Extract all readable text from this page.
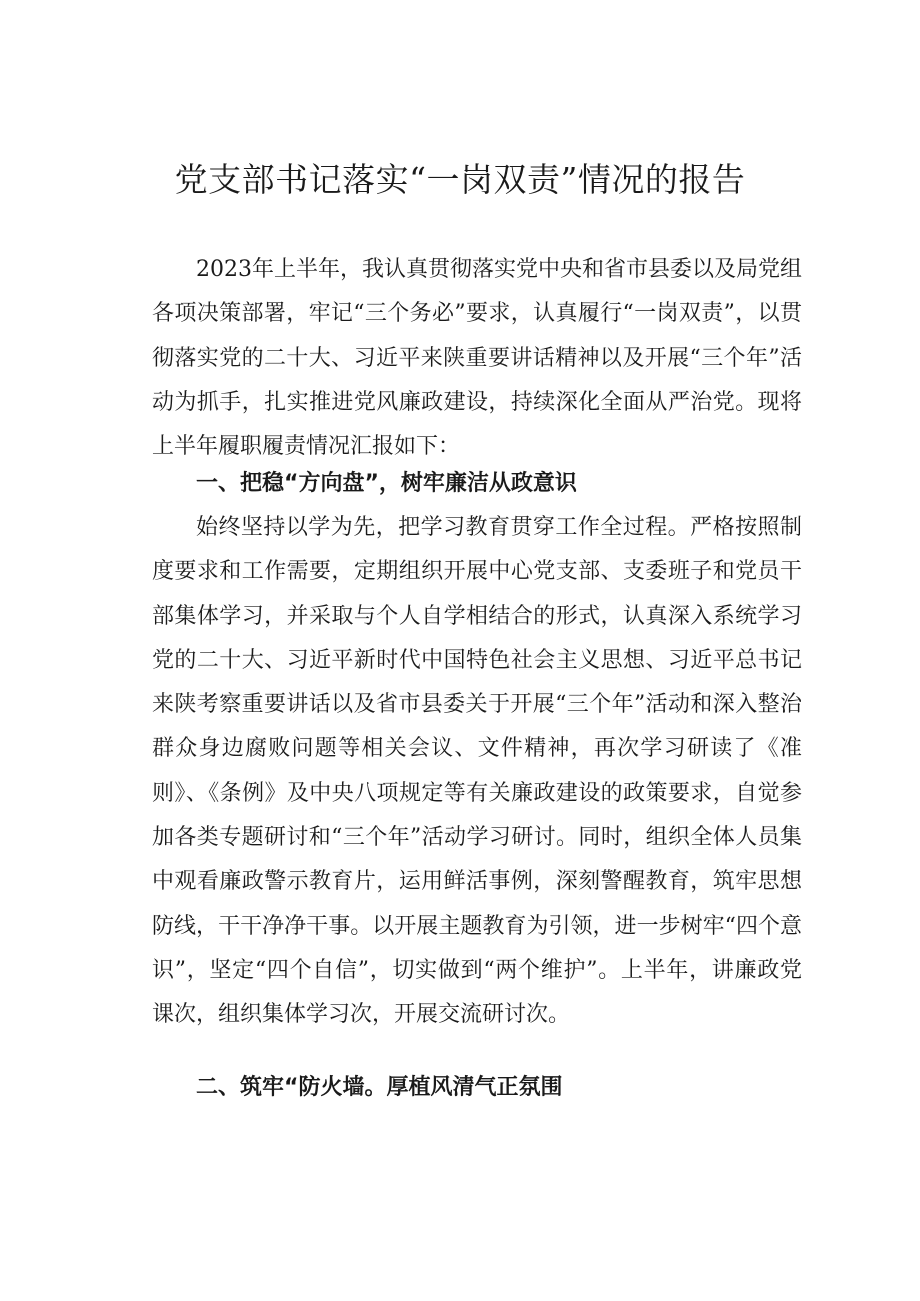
党支部书记落实“一岗双责”情况的报告

2023年上半年，我认真贯彻落实党中央和省市县委以及局党组各项决策部署，牢记“三个务必”要求，认真履行“一岗双责”，以贯彻落实党的二十大、习近平来陕重要讲话精神以及开展“三个年”活动为抓手，扎实推进党风廉政建设，持续深化全面从严治党。现将上半年履职履责情况汇报如下：

一、把稳“方向盘”，树牢廉洁从政意识

始终坚持以学为先，把学习教育贯穿工作全过程。严格按照制度要求和工作需要，定期组织开展中心党支部、支委班子和党员干部集体学习，并采取与个人自学相结合的形式，认真深入系统学习党的二十大、习近平新时代中国特色社会主义思想、习近平总书记来陕考察重要讲话以及省市县委关于开展“三个年”活动和深入整治群众身边腐败问题等相关会议、文件精神，再次学习研读了《准则》、《条例》及中央八项规定等有关廉政建设的政策要求，自觉参加各类专题研讨和“三个年”活动学习研讨。同时，组织全体人员集中观看廉政警示教育片，运用鲜活事例，深刻警醒教育，筑牢思想防线，干干净净干事。以开展主题教育为引领，进一步树牢“四个意识”，坚定“四个自信”，切实做到“两个维护”。上半年，讲廉政党课次，组织集体学习次，开展交流研讨次。

二、筑牢“防火墙。厚植风清气正氛围
